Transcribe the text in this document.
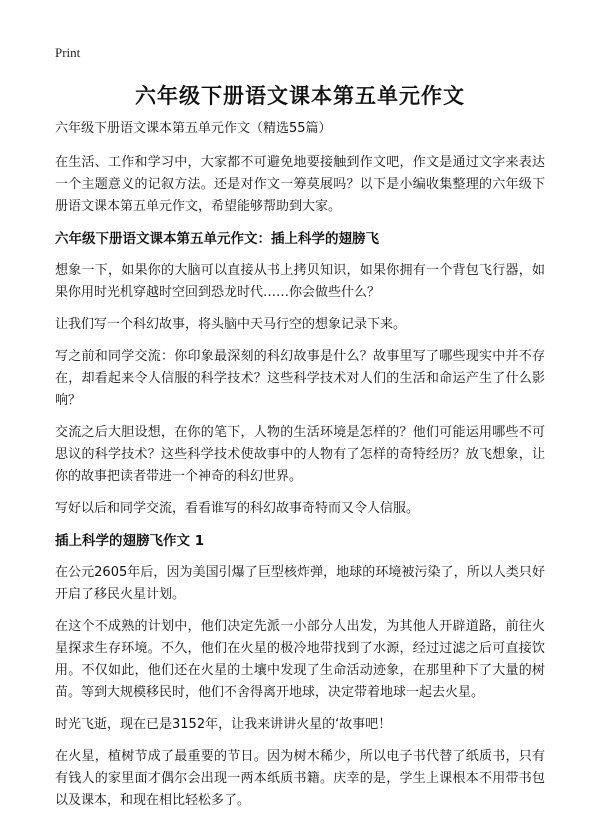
Print
六年级下册语文课本第五单元作文
六年级下册语文课本第五单元作文（精选55篇）

在生活、工作和学习中，大家都不可避免地要接触到作文吧，作文是通过文字来表达一个主题意义的记叙方法。还是对作文一筹莫展吗？以下是小编收集整理的六年级下册语文课本第五单元作文，希望能够帮助到大家。

六年级下册语文课本第五单元作文：插上科学的翅膀飞

想象一下，如果你的大脑可以直接从书上拷贝知识，如果你拥有一个背包飞行器，如果你用时光机穿越时空回到恐龙时代……你会做些什么？

让我们写一个科幻故事，将头脑中天马行空的想象记录下来。

写之前和同学交流：你印象最深刻的科幻故事是什么？故事里写了哪些现实中并不存在，却看起来令人信服的科学技术？这些科学技术对人们的生活和命运产生了什么影响？

交流之后大胆设想，在你的笔下，人物的生活环境是怎样的？他们可能运用哪些不可思议的科学技术？这些科学技术使故事中的人物有了怎样的奇特经历？放飞想象，让你的故事把读者带进一个神奇的科幻世界。

写好以后和同学交流，看看谁写的科幻故事奇特而又令人信服。

插上科学的翅膀飞作文 1

在公元2605年后，因为美国引爆了巨型核炸弹，地球的环境被污染了，所以人类只好开启了移民火星计划。

在这个不成熟的计划中，他们决定先派一小部分人出发，为其他人开辟道路，前往火星探求生存环境。不久，他们在火星的极冷地带找到了水源，经过过滤之后可直接饮用。不仅如此，他们还在火星的土壤中发现了生命活动迹象，在那里种下了大量的树苗。等到大规模移民时，他们不舍得离开地球，决定带着地球一起去火星。

时光飞逝，现在已是3152年，让我来讲讲火星的‘故事吧！

在火星，植树节成了最重要的节日。因为树木稀少，所以电子书代替了纸质书，只有有钱人的家里面才偶尔会出现一两本纸质书籍。庆幸的是，学生上课根本不用带书包以及课本，和现在相比轻松多了。
